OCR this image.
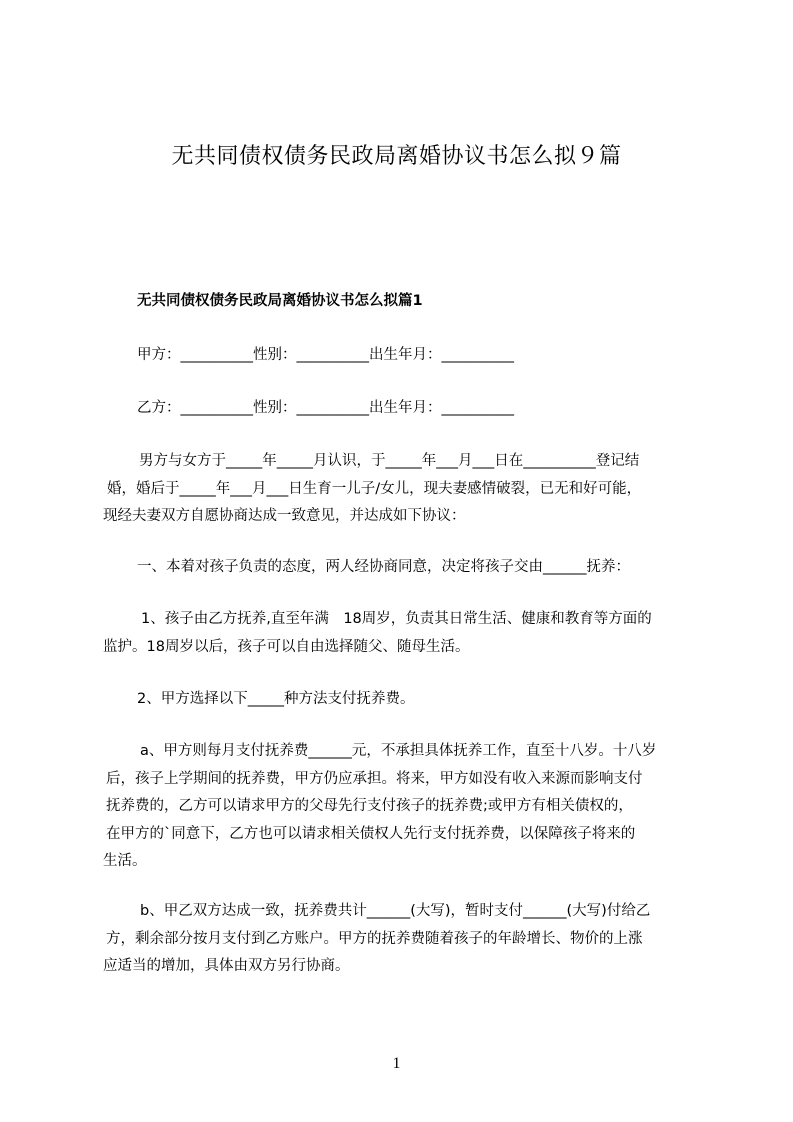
无共同债权债务民政局离婚协议书怎么拟９篇
无共同债权债务民政局离婚协议书怎么拟篇1
甲方：__________性别：__________出生年月：__________
乙方：__________性别：__________出生年月：__________
男方与女方于_____年_____月认识，于_____年___月___日在__________登记结
婚，婚后于_____年___月___日生育一儿子/女儿，现夫妻感情破裂，已无和好可能，
现经夫妻双方自愿协商达成一致意见，并达成如下协议：
一、本着对孩子负责的态度，两人经协商同意，决定将孩子交由______抚养：
1、孩子由乙方抚养,直至年满　18周岁，负责其日常生活、健康和教育等方面的
监护。18周岁以后，孩子可以自由选择随父、随母生活。
2、甲方选择以下_____种方法支付抚养费。
a、甲方则每月支付抚养费______元，不承担具体抚养工作，直至十八岁。十八岁
后，孩子上学期间的抚养费，甲方仍应承担。将来，甲方如没有收入来源而影响支付
抚养费的，乙方可以请求甲方的父母先行支付孩子的抚养费;或甲方有相关债权的，
在甲方的`同意下，乙方也可以请求相关债权人先行支付抚养费，以保障孩子将来的
生活。
b、甲乙双方达成一致，抚养费共计______(大写)，暂时支付______(大写)付给乙
方，剩余部分按月支付到乙方账户。甲方的抚养费随着孩子的年龄增长、物价的上涨
应适当的增加，具体由双方另行协商。
1
